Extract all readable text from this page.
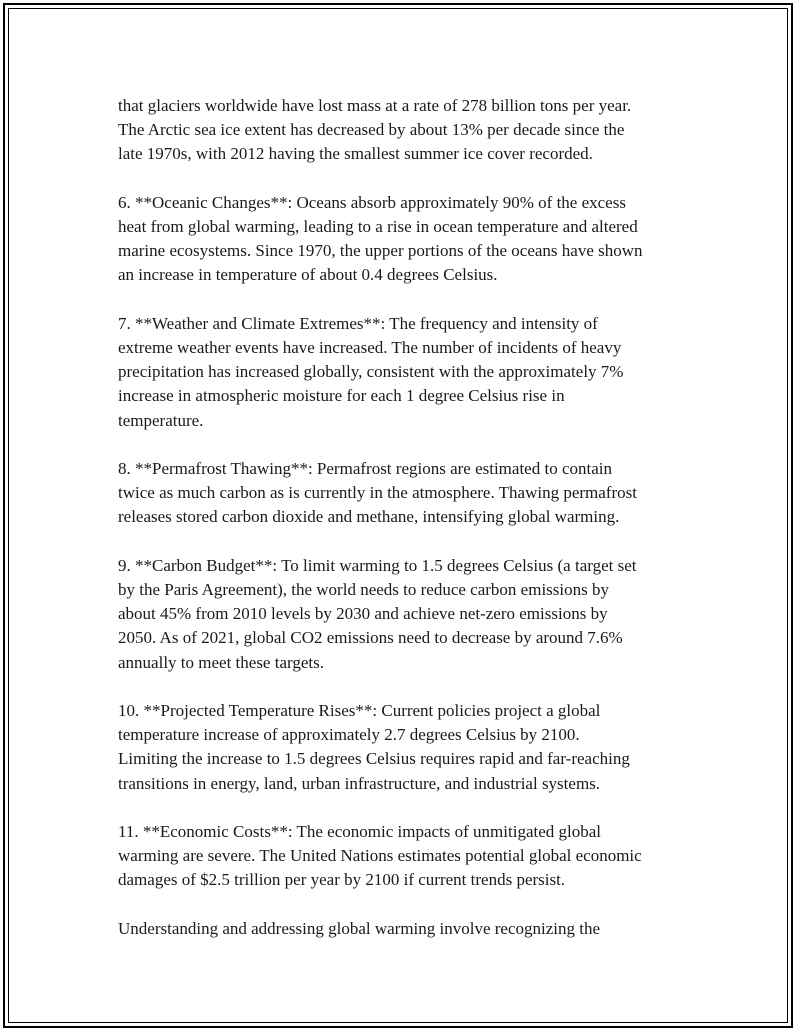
that glaciers worldwide have lost mass at a rate of 278 billion tons per year.
The Arctic sea ice extent has decreased by about 13% per decade since the
late 1970s, with 2012 having the smallest summer ice cover recorded.

6. **Oceanic Changes**: Oceans absorb approximately 90% of the excess
heat from global warming, leading to a rise in ocean temperature and altered
marine ecosystems. Since 1970, the upper portions of the oceans have shown
an increase in temperature of about 0.4 degrees Celsius.

7. **Weather and Climate Extremes**: The frequency and intensity of
extreme weather events have increased. The number of incidents of heavy
precipitation has increased globally, consistent with the approximately 7%
increase in atmospheric moisture for each 1 degree Celsius rise in
temperature.

8. **Permafrost Thawing**: Permafrost regions are estimated to contain
twice as much carbon as is currently in the atmosphere. Thawing permafrost
releases stored carbon dioxide and methane, intensifying global warming.

9. **Carbon Budget**: To limit warming to 1.5 degrees Celsius (a target set
by the Paris Agreement), the world needs to reduce carbon emissions by
about 45% from 2010 levels by 2030 and achieve net-zero emissions by
2050. As of 2021, global CO2 emissions need to decrease by around 7.6%
annually to meet these targets.

10. **Projected Temperature Rises**: Current policies project a global
temperature increase of approximately 2.7 degrees Celsius by 2100.
Limiting the increase to 1.5 degrees Celsius requires rapid and far-reaching
transitions in energy, land, urban infrastructure, and industrial systems.

11. **Economic Costs**: The economic impacts of unmitigated global
warming are severe. The United Nations estimates potential global economic
damages of $2.5 trillion per year by 2100 if current trends persist.

Understanding and addressing global warming involve recognizing the
